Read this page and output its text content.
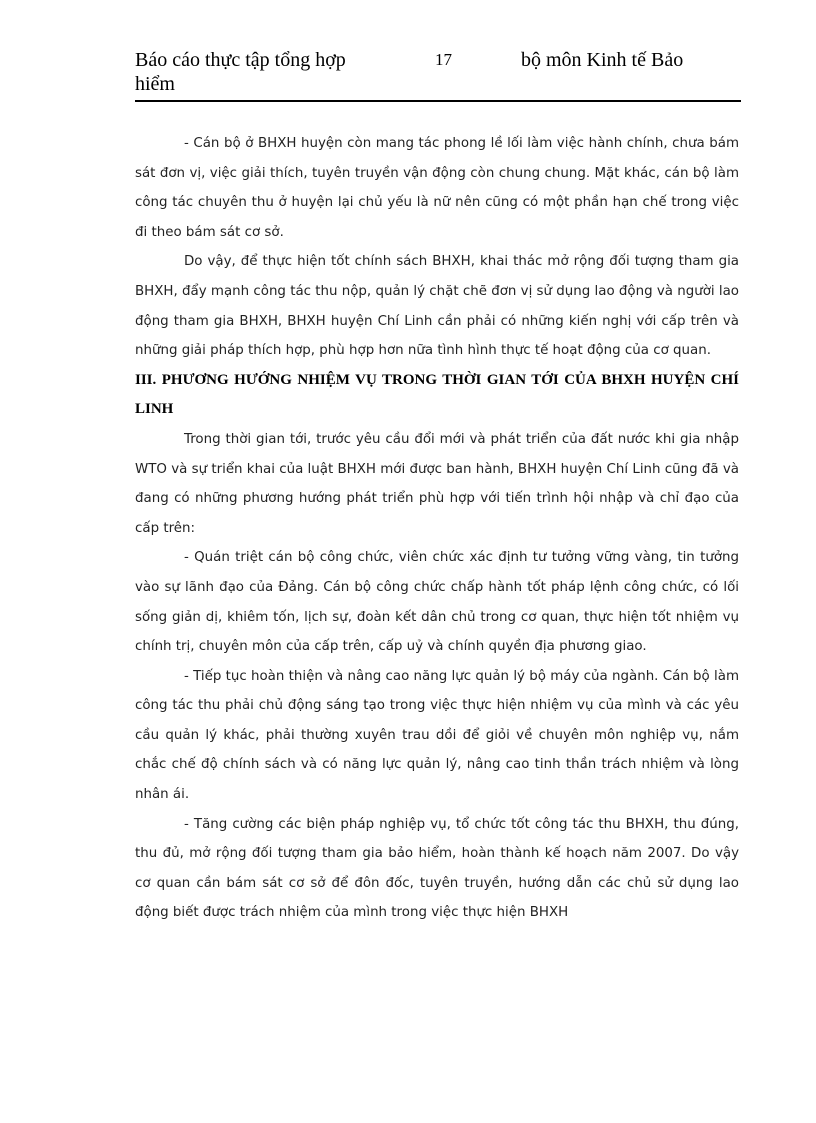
Báo cáo thực tập tổng hợp
hiểm
17	bộ môn Kinh tế Bảo

- Cán bộ ở BHXH huyện còn mang tác phong lề lối làm việc hành chính, chưa bám sát đơn vị, việc giải thích, tuyên truyền vận động còn chung chung. Mặt khác, cán bộ làm công tác chuyên thu ở huyện lại chủ yếu là nữ nên cũng có một phần hạn chế trong việc đi theo bám sát cơ sở.

Do vậy, để thực hiện tốt chính sách BHXH, khai thác mở rộng đối tượng tham gia BHXH, đẩy mạnh công tác thu nộp, quản lý chặt chẽ đơn vị sử dụng lao động và người lao động tham gia BHXH, BHXH huyện Chí Linh cần phải có những kiến nghị với cấp trên và những giải pháp thích hợp, phù hợp hơn nữa tình hình thực tế hoạt động của cơ quan.

III. PHƯƠNG HƯỚNG NHIỆM VỤ TRONG THỜI GIAN TỚI CỦA BHXH HUYỆN CHÍ LINH

Trong thời gian tới, trước yêu cầu đổi mới và phát triển của đất nước khi gia nhập WTO và sự triển khai của luật BHXH mới được ban hành, BHXH huyện Chí Linh cũng đã và đang có những phương hướng phát triển phù hợp với tiến trình hội nhập và chỉ đạo của cấp trên:

- Quán triệt cán bộ công chức, viên chức xác định tư tưởng vững vàng, tin tưởng vào sự lãnh đạo của Đảng. Cán bộ công chức chấp hành tốt pháp lệnh công chức, có lối sống giản dị, khiêm tốn, lịch sự, đoàn kết dân chủ trong cơ quan, thực hiện tốt nhiệm vụ chính trị, chuyên môn của cấp trên, cấp uỷ và chính quyền địa phương giao.

- Tiếp tục hoàn thiện và nâng cao năng lực quản lý bộ máy của ngành. Cán bộ làm công tác thu phải chủ động sáng tạo trong việc thực hiện nhiệm vụ của mình và các yêu cầu quản lý khác, phải thường xuyên trau dồi để giỏi về chuyên môn nghiệp vụ, nắm chắc chế độ chính sách và có năng lực quản lý, nâng cao tinh thần trách nhiệm và lòng nhân ái.

- Tăng cường các biện pháp nghiệp vụ, tổ chức tốt công tác thu BHXH, thu đúng, thu đủ, mở rộng đối tượng tham gia bảo hiểm, hoàn thành kế hoạch năm 2007. Do vậy cơ quan cần bám sát cơ sở để đôn đốc, tuyên truyền, hướng dẫn các chủ sử dụng lao động biết được trách nhiệm của mình trong việc thực hiện BHXH
